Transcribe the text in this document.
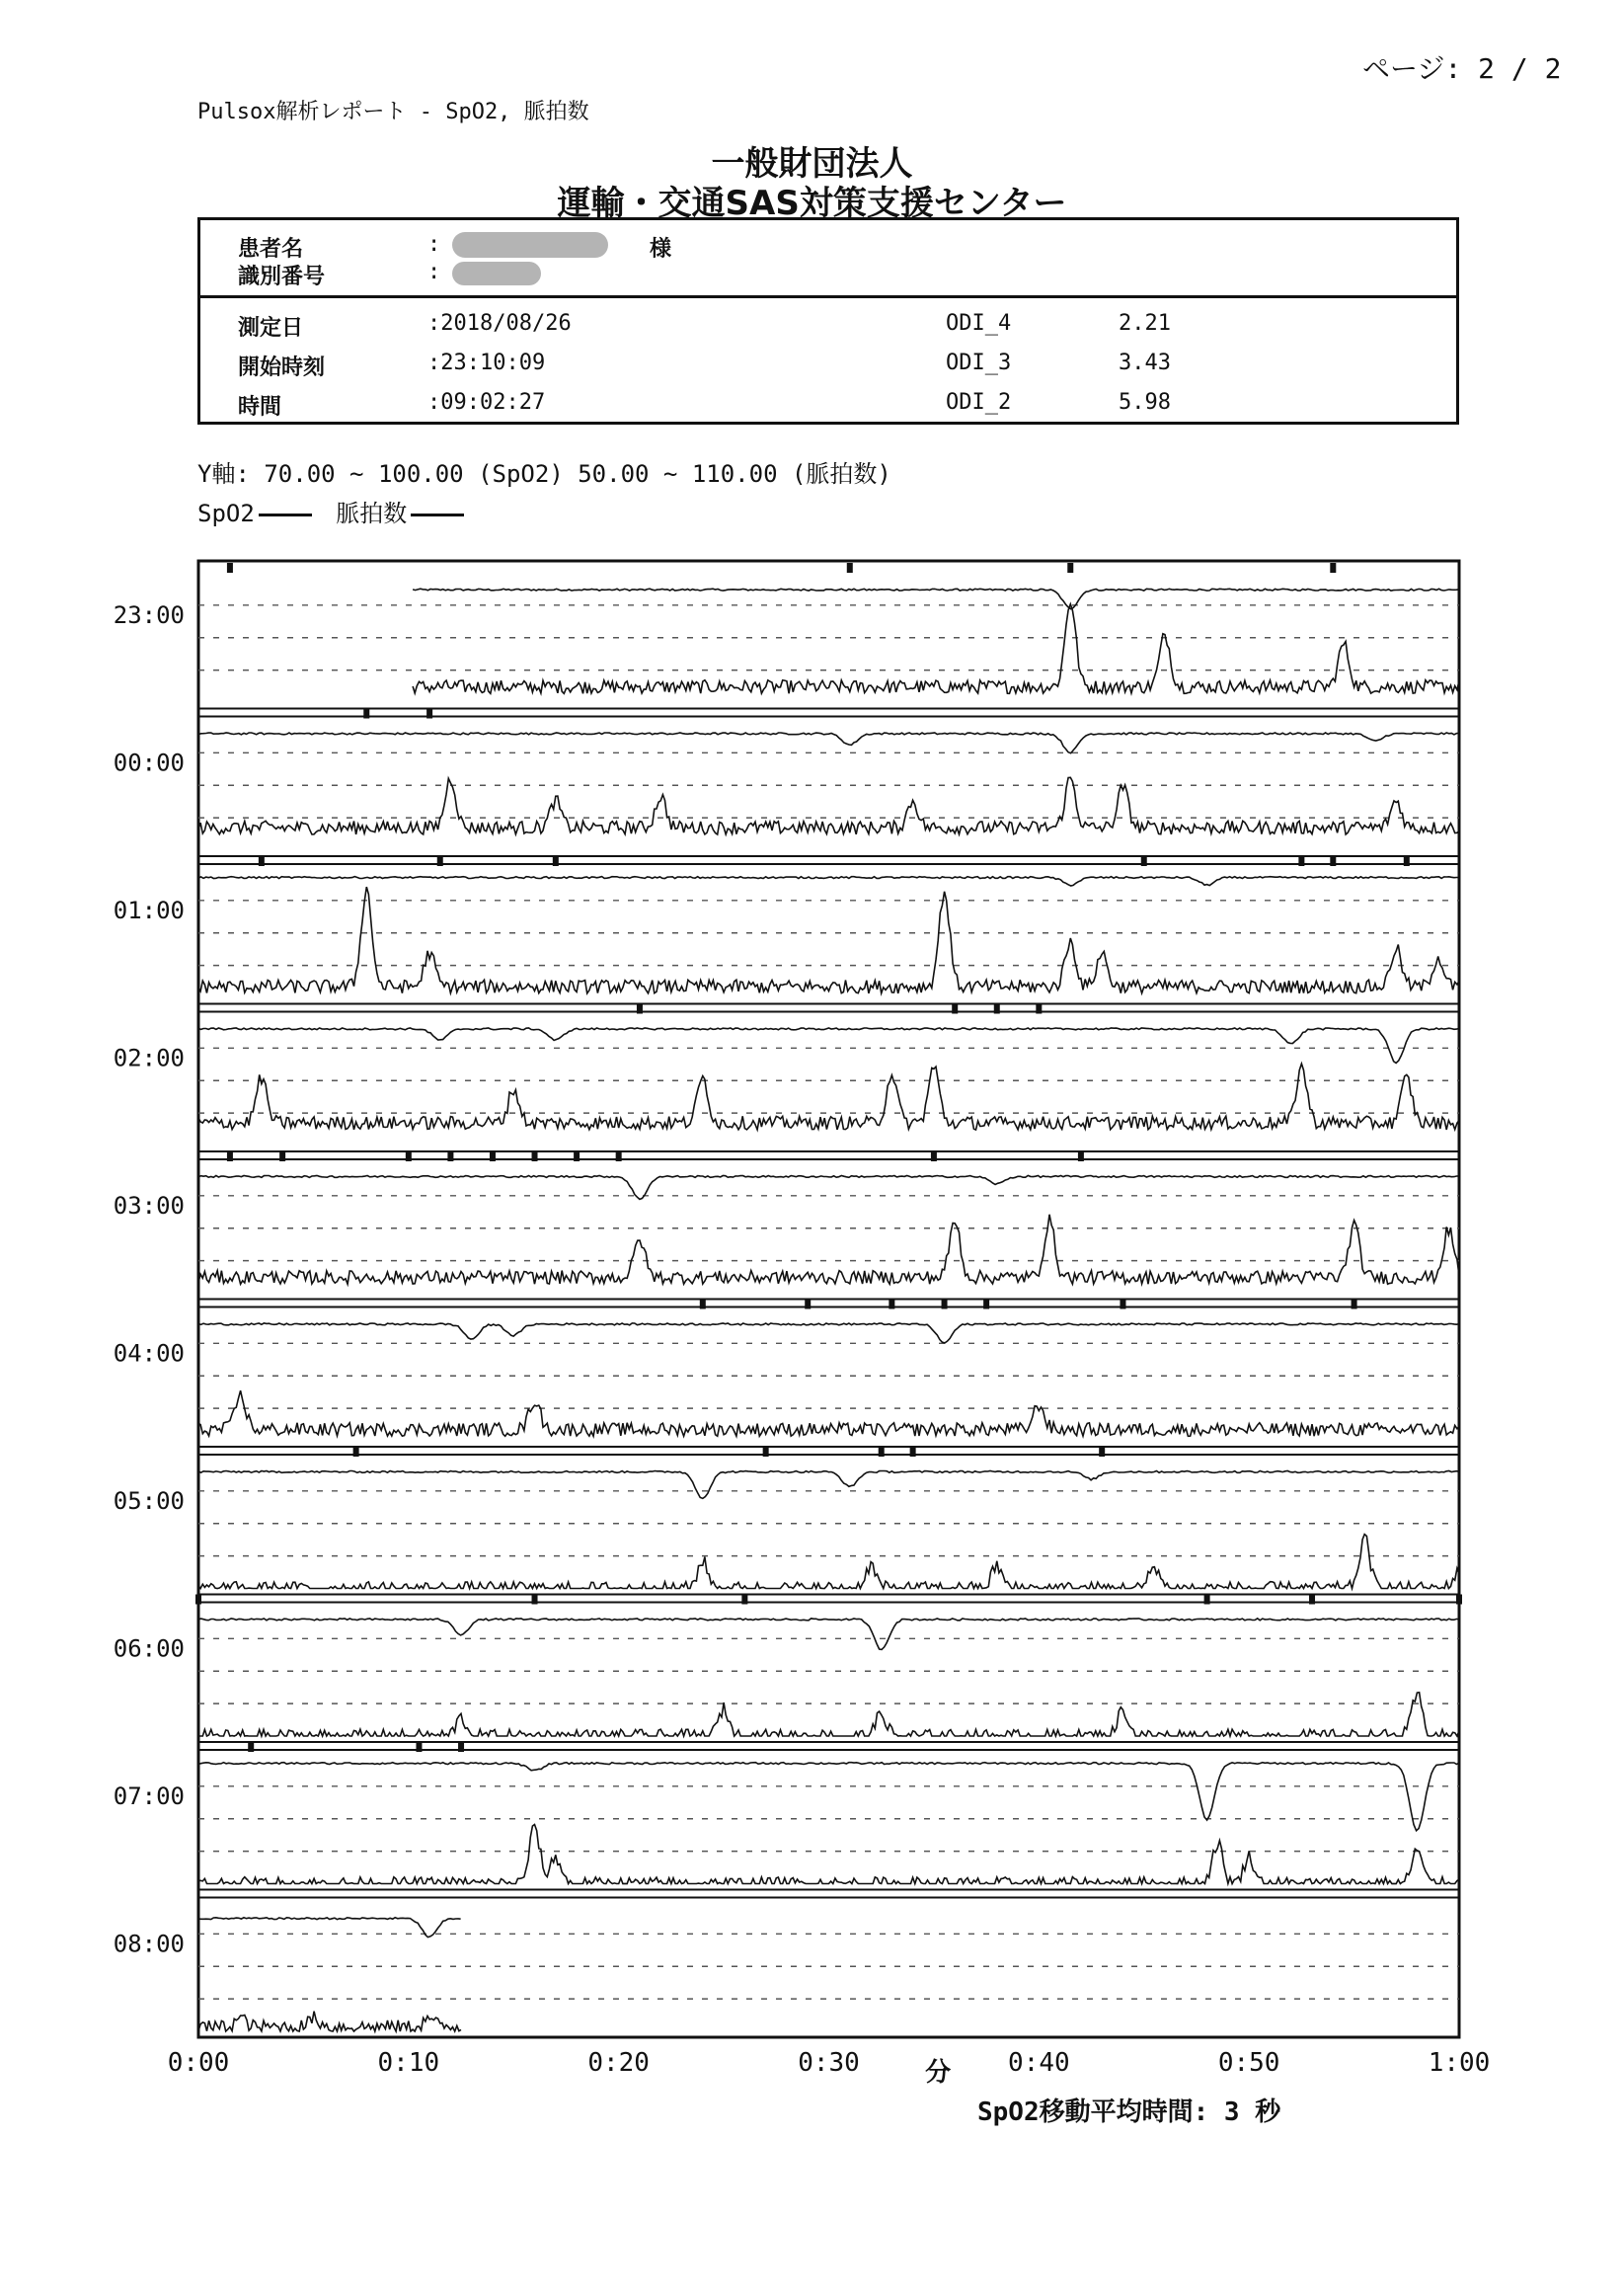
ページ: 2 / 2
Pulsox解析レポート - SpO2, 脈拍数
一般財団法人
運輸・交通SAS対策支援センター
患者名	:	様
識別番号	:
測定日	:2018/08/26
開始時刻	:23:10:09
時間	:09:02:27
ODI_4	2.21
ODI_3	3.43
ODI_2	5.98
Y軸: 70.00 ~ 100.00 (SpO2) 50.00 ~ 110.00 (脈拍数)
SpO2	脈拍数
23:00
00:00
01:00
02:00
03:00
04:00
05:00
06:00
07:00
08:00
0:00	0:10	0:20	0:30	0:40	0:50	1:00
分
SpO2移動平均時間: 3 秒
